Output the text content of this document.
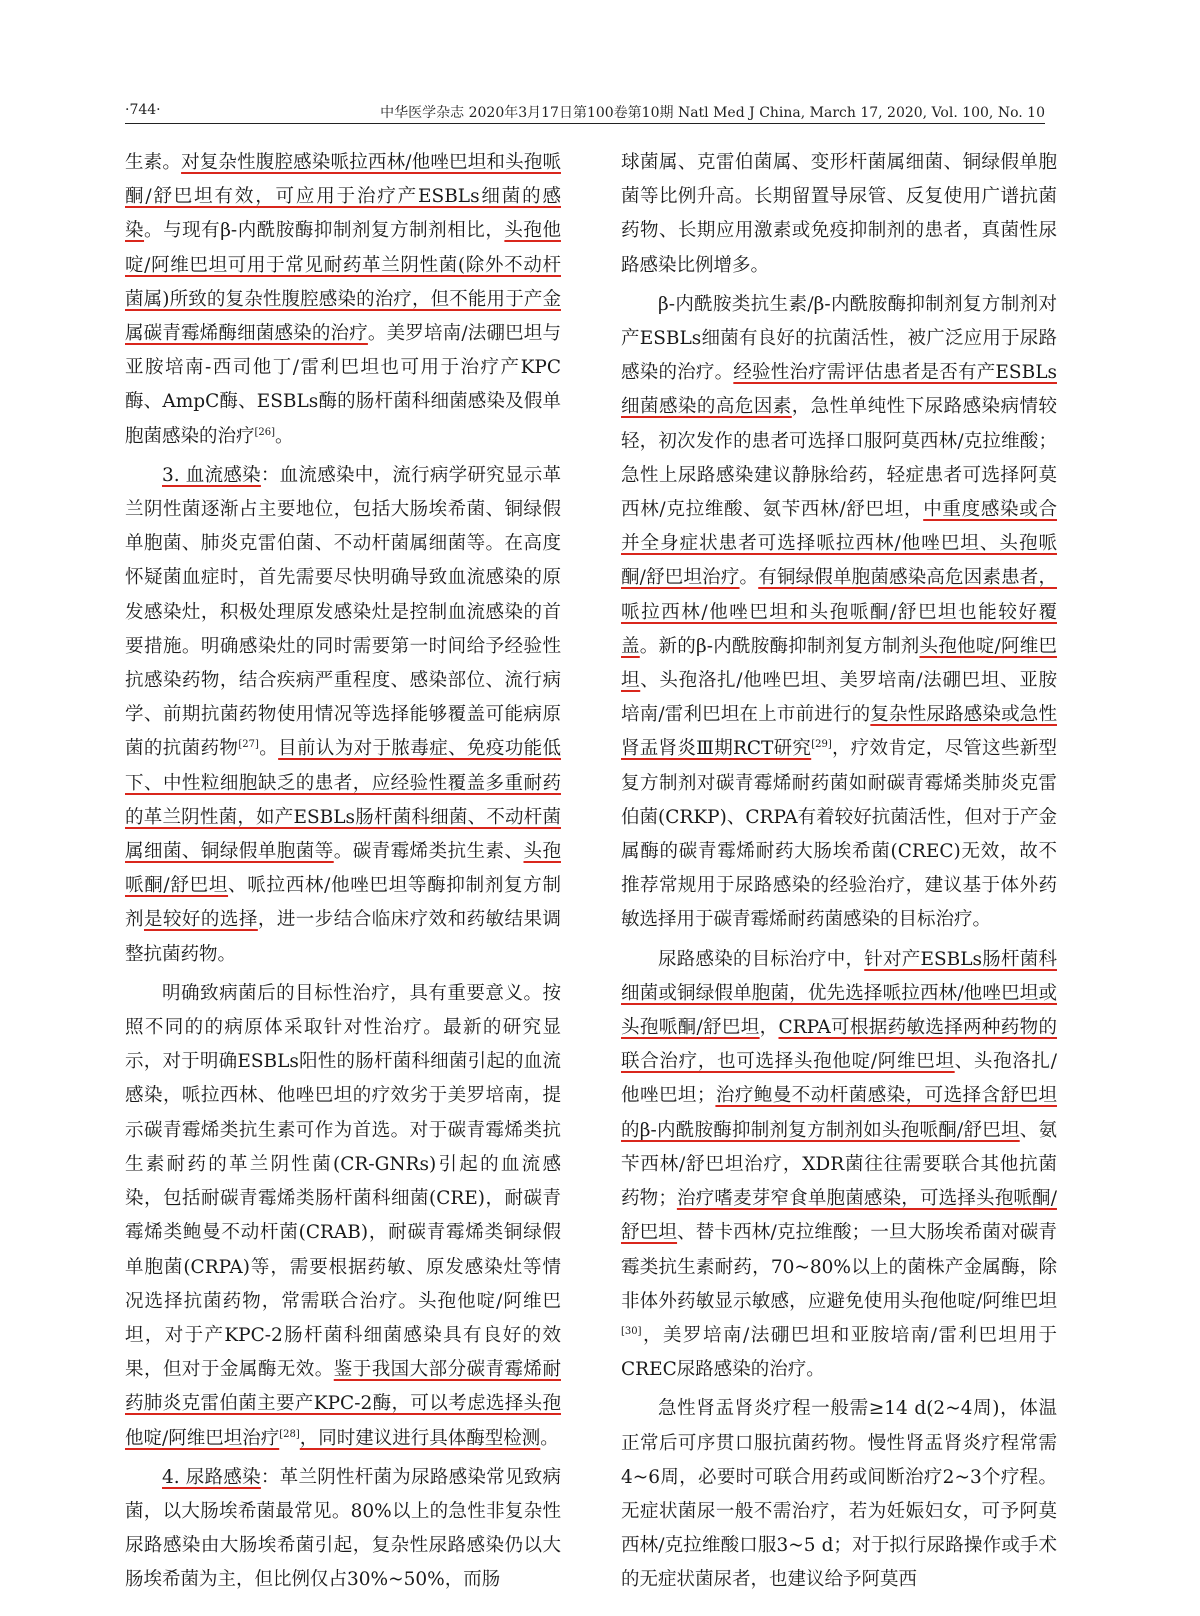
·744·	中华医学杂志 2020年3月17日第100卷第10期 Natl Med J China, March 17, 2020, Vol. 100, No. 10

生素。对复杂性腹腔感染哌拉西林/他唑巴坦和头孢哌酮/舒巴坦有效，可应用于治疗产ESBLs细菌的感染。与现有β-内酰胺酶抑制剂复方制剂相比，头孢他啶/阿维巴坦可用于常见耐药革兰阴性菌(除外不动杆菌属)所致的复杂性腹腔感染的治疗，但不能用于产金属碳青霉烯酶细菌感染的治疗。美罗培南/法硼巴坦与亚胺培南-西司他丁/雷利巴坦也可用于治疗产KPC酶、AmpC酶、ESBLs酶的肠杆菌科细菌感染及假单胞菌感染的治疗[26]。

3. 血流感染：血流感染中，流行病学研究显示革兰阴性菌逐渐占主要地位，包括大肠埃希菌、铜绿假单胞菌、肺炎克雷伯菌、不动杆菌属细菌等。在高度怀疑菌血症时，首先需要尽快明确导致血流感染的原发感染灶，积极处理原发感染灶是控制血流感染的首要措施。明确感染灶的同时需要第一时间给予经验性抗感染药物，结合疾病严重程度、感染部位、流行病学、前期抗菌药物使用情况等选择能够覆盖可能病原菌的抗菌药物[27]。目前认为对于脓毒症、免疫功能低下、中性粒细胞缺乏的患者，应经验性覆盖多重耐药的革兰阴性菌，如产ESBLs肠杆菌科细菌、不动杆菌属细菌、铜绿假单胞菌等。碳青霉烯类抗生素、头孢哌酮/舒巴坦、哌拉西林/他唑巴坦等酶抑制剂复方制剂是较好的选择，进一步结合临床疗效和药敏结果调整抗菌药物。

明确致病菌后的目标性治疗，具有重要意义。按照不同的的病原体采取针对性治疗。最新的研究显示，对于明确ESBLs阳性的肠杆菌科细菌引起的血流感染，哌拉西林、他唑巴坦的疗效劣于美罗培南，提示碳青霉烯类抗生素可作为首选。对于碳青霉烯类抗生素耐药的革兰阴性菌(CR-GNRs)引起的血流感染，包括耐碳青霉烯类肠杆菌科细菌(CRE)，耐碳青霉烯类鲍曼不动杆菌(CRAB)，耐碳青霉烯类铜绿假单胞菌(CRPA)等，需要根据药敏、原发感染灶等情况选择抗菌药物，常需联合治疗。头孢他啶/阿维巴坦，对于产KPC-2肠杆菌科细菌感染具有良好的效果，但对于金属酶无效。鉴于我国大部分碳青霉烯耐药肺炎克雷伯菌主要产KPC-2酶，可以考虑选择头孢他啶/阿维巴坦治疗[28]，同时建议进行具体酶型检测。

4. 尿路感染：革兰阴性杆菌为尿路感染常见致病菌，以大肠埃希菌最常见。80%以上的急性非复杂性尿路感染由大肠埃希菌引起，复杂性尿路感染仍以大肠埃希菌为主，但比例仅占30%~50%，而肠

球菌属、克雷伯菌属、变形杆菌属细菌、铜绿假单胞菌等比例升高。长期留置导尿管、反复使用广谱抗菌药物、长期应用激素或免疫抑制剂的患者，真菌性尿路感染比例增多。

β-内酰胺类抗生素/β-内酰胺酶抑制剂复方制剂对产ESBLs细菌有良好的抗菌活性，被广泛应用于尿路感染的治疗。经验性治疗需评估患者是否有产ESBLs细菌感染的高危因素，急性单纯性下尿路感染病情较轻，初次发作的患者可选择口服阿莫西林/克拉维酸；急性上尿路感染建议静脉给药，轻症患者可选择阿莫西林/克拉维酸、氨苄西林/舒巴坦，中重度感染或合并全身症状患者可选择哌拉西林/他唑巴坦、头孢哌酮/舒巴坦治疗。有铜绿假单胞菌感染高危因素患者，哌拉西林/他唑巴坦和头孢哌酮/舒巴坦也能较好覆盖。新的β-内酰胺酶抑制剂复方制剂头孢他啶/阿维巴坦、头孢洛扎/他唑巴坦、美罗培南/法硼巴坦、亚胺培南/雷利巴坦在上市前进行的复杂性尿路感染或急性肾盂肾炎Ⅲ期RCT研究[29]，疗效肯定，尽管这些新型复方制剂对碳青霉烯耐药菌如耐碳青霉烯类肺炎克雷伯菌(CRKP)、CRPA有着较好抗菌活性，但对于产金属酶的碳青霉烯耐药大肠埃希菌(CREC)无效，故不推荐常规用于尿路感染的经验治疗，建议基于体外药敏选择用于碳青霉烯耐药菌感染的目标治疗。

尿路感染的目标治疗中，针对产ESBLs肠杆菌科细菌或铜绿假单胞菌，优先选择哌拉西林/他唑巴坦或头孢哌酮/舒巴坦，CRPA可根据药敏选择两种药物的联合治疗，也可选择头孢他啶/阿维巴坦、头孢洛扎/他唑巴坦；治疗鲍曼不动杆菌感染，可选择含舒巴坦的β-内酰胺酶抑制剂复方制剂如头孢哌酮/舒巴坦、氨苄西林/舒巴坦治疗，XDR菌往往需要联合其他抗菌药物；治疗嗜麦芽窄食单胞菌感染，可选择头孢哌酮/舒巴坦、替卡西林/克拉维酸；一旦大肠埃希菌对碳青霉类抗生素耐药，70~80%以上的菌株产金属酶，除非体外药敏显示敏感，应避免使用头孢他啶/阿维巴坦[30]，美罗培南/法硼巴坦和亚胺培南/雷利巴坦用于CREC尿路感染的治疗。

急性肾盂肾炎疗程一般需≥14 d(2~4周)，体温正常后可序贯口服抗菌药物。慢性肾盂肾炎疗程常需4~6周，必要时可联合用药或间断治疗2~3个疗程。无症状菌尿一般不需治疗，若为妊娠妇女，可予阿莫西林/克拉维酸口服3~5 d；对于拟行尿路操作或手术的无症状菌尿者，也建议给予阿莫西
